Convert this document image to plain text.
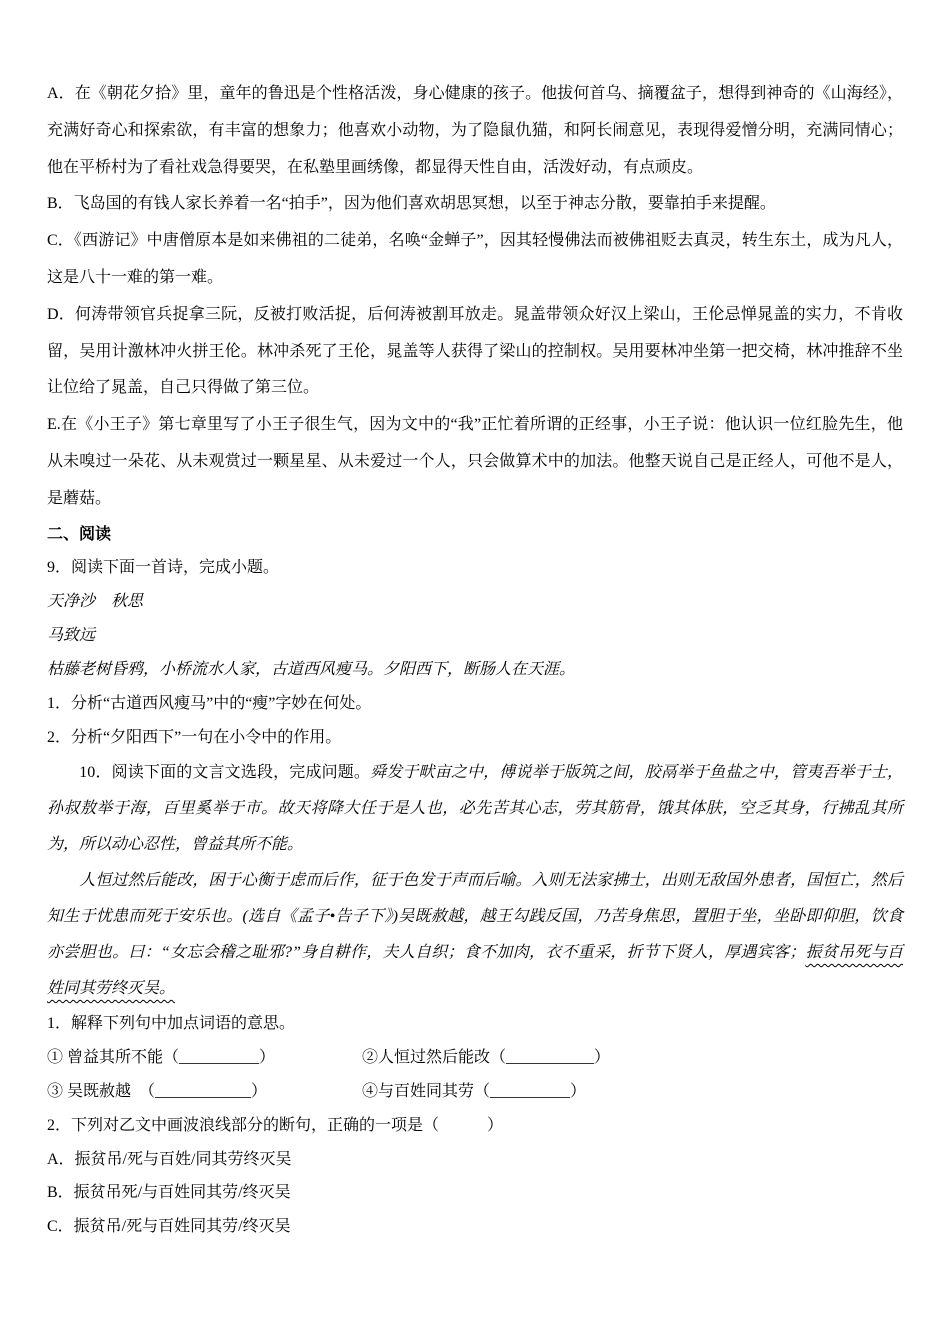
A．在《朝花夕拾》里，童年的鲁迅是个性格活泼，身心健康的孩子。他拔何首乌、摘覆盆子，想得到神奇的《山海经》，充满好奇心和探索欲，有丰富的想象力；他喜欢小动物，为了隐鼠仇猫，和阿长闹意见，表现得爱憎分明，充满同情心；他在平桥村为了看社戏急得要哭，在私塾里画绣像，都显得天性自由，活泼好动，有点顽皮。

B．飞岛国的有钱人家长养着一名“拍手”，因为他们喜欢胡思冥想，以至于神志分散，要靠拍手来提醒。

C．《西游记》中唐僧原本是如来佛祖的二徒弟，名唤“金蝉子”，因其轻慢佛法而被佛祖贬去真灵，转生东土，成为凡人，这是八十一难的第一难。

D．何涛带领官兵捉拿三阮，反被打败活捉，后何涛被割耳放走。晁盖带领众好汉上梁山，王伦忌惮晁盖的实力，不肯收留，吴用计激林冲火拼王伦。林冲杀死了王伦，晁盖等人获得了梁山的控制权。吴用要林冲坐第一把交椅，林冲推辞不坐让位给了晁盖，自己只得做了第三位。

E.在《小王子》第七章里写了小王子很生气，因为文中的“我”正忙着所谓的正经事，小王子说：他认识一位红脸先生，他从未嗅过一朵花、从未观赏过一颗星星、从未爱过一个人，只会做算术中的加法。他整天说自己是正经人，可他不是人，是蘑菇。

二、阅读

9．阅读下面一首诗，完成小题。

天净沙　秋思

马致远

枯藤老树昏鸦，小桥流水人家，古道西风瘦马。夕阳西下，断肠人在天涯。

1．分析“古道西风瘦马”中的“瘦”字妙在何处。

2．分析“夕阳西下”一句在小令中的作用。

　　10．阅读下面的文言文选段，完成问题。舜发于畎亩之中，傅说举于版筑之间，胶鬲举于鱼盐之中，管夷吾举于士，孙叔敖举于海，百里奚举于市。故天将降大任于是人也，必先苦其心志，劳其筋骨，饿其体肤，空乏其身，行拂乱其所为，所以动心忍性，曾益其所不能。

　　人恒过然后能改，困于心衡于虑而后作，征于色发于声而后喻。入则无法家拂士，出则无敌国外患者，国恒亡，然后知生于忧患而死于安乐也。(选自《孟子•告子下》)吴既赦越，越王勾践反国，乃苦身焦思，置胆于坐，坐卧即仰胆，饮食亦尝胆也。曰：“女忘会稽之耻邪?”身自耕作，夫人自织；食不加肉，衣不重采，折节下贤人，厚遇宾客；振贫吊死与百姓同其劳终灭吴。

1．解释下列句中加点词语的意思。

① 曾益其所不能（__________）	②人恒过然后能改（___________）

③ 吴既赦越　（____________）	④与百姓同其劳（__________）

2．下列对乙文中画波浪线部分的断句，正确的一项是（　　　）

A．振贫吊/死与百姓/同其劳终灭吴

B．振贫吊死/与百姓同其劳/终灭吴

C．振贫吊/死与百姓同其劳/终灭吴
